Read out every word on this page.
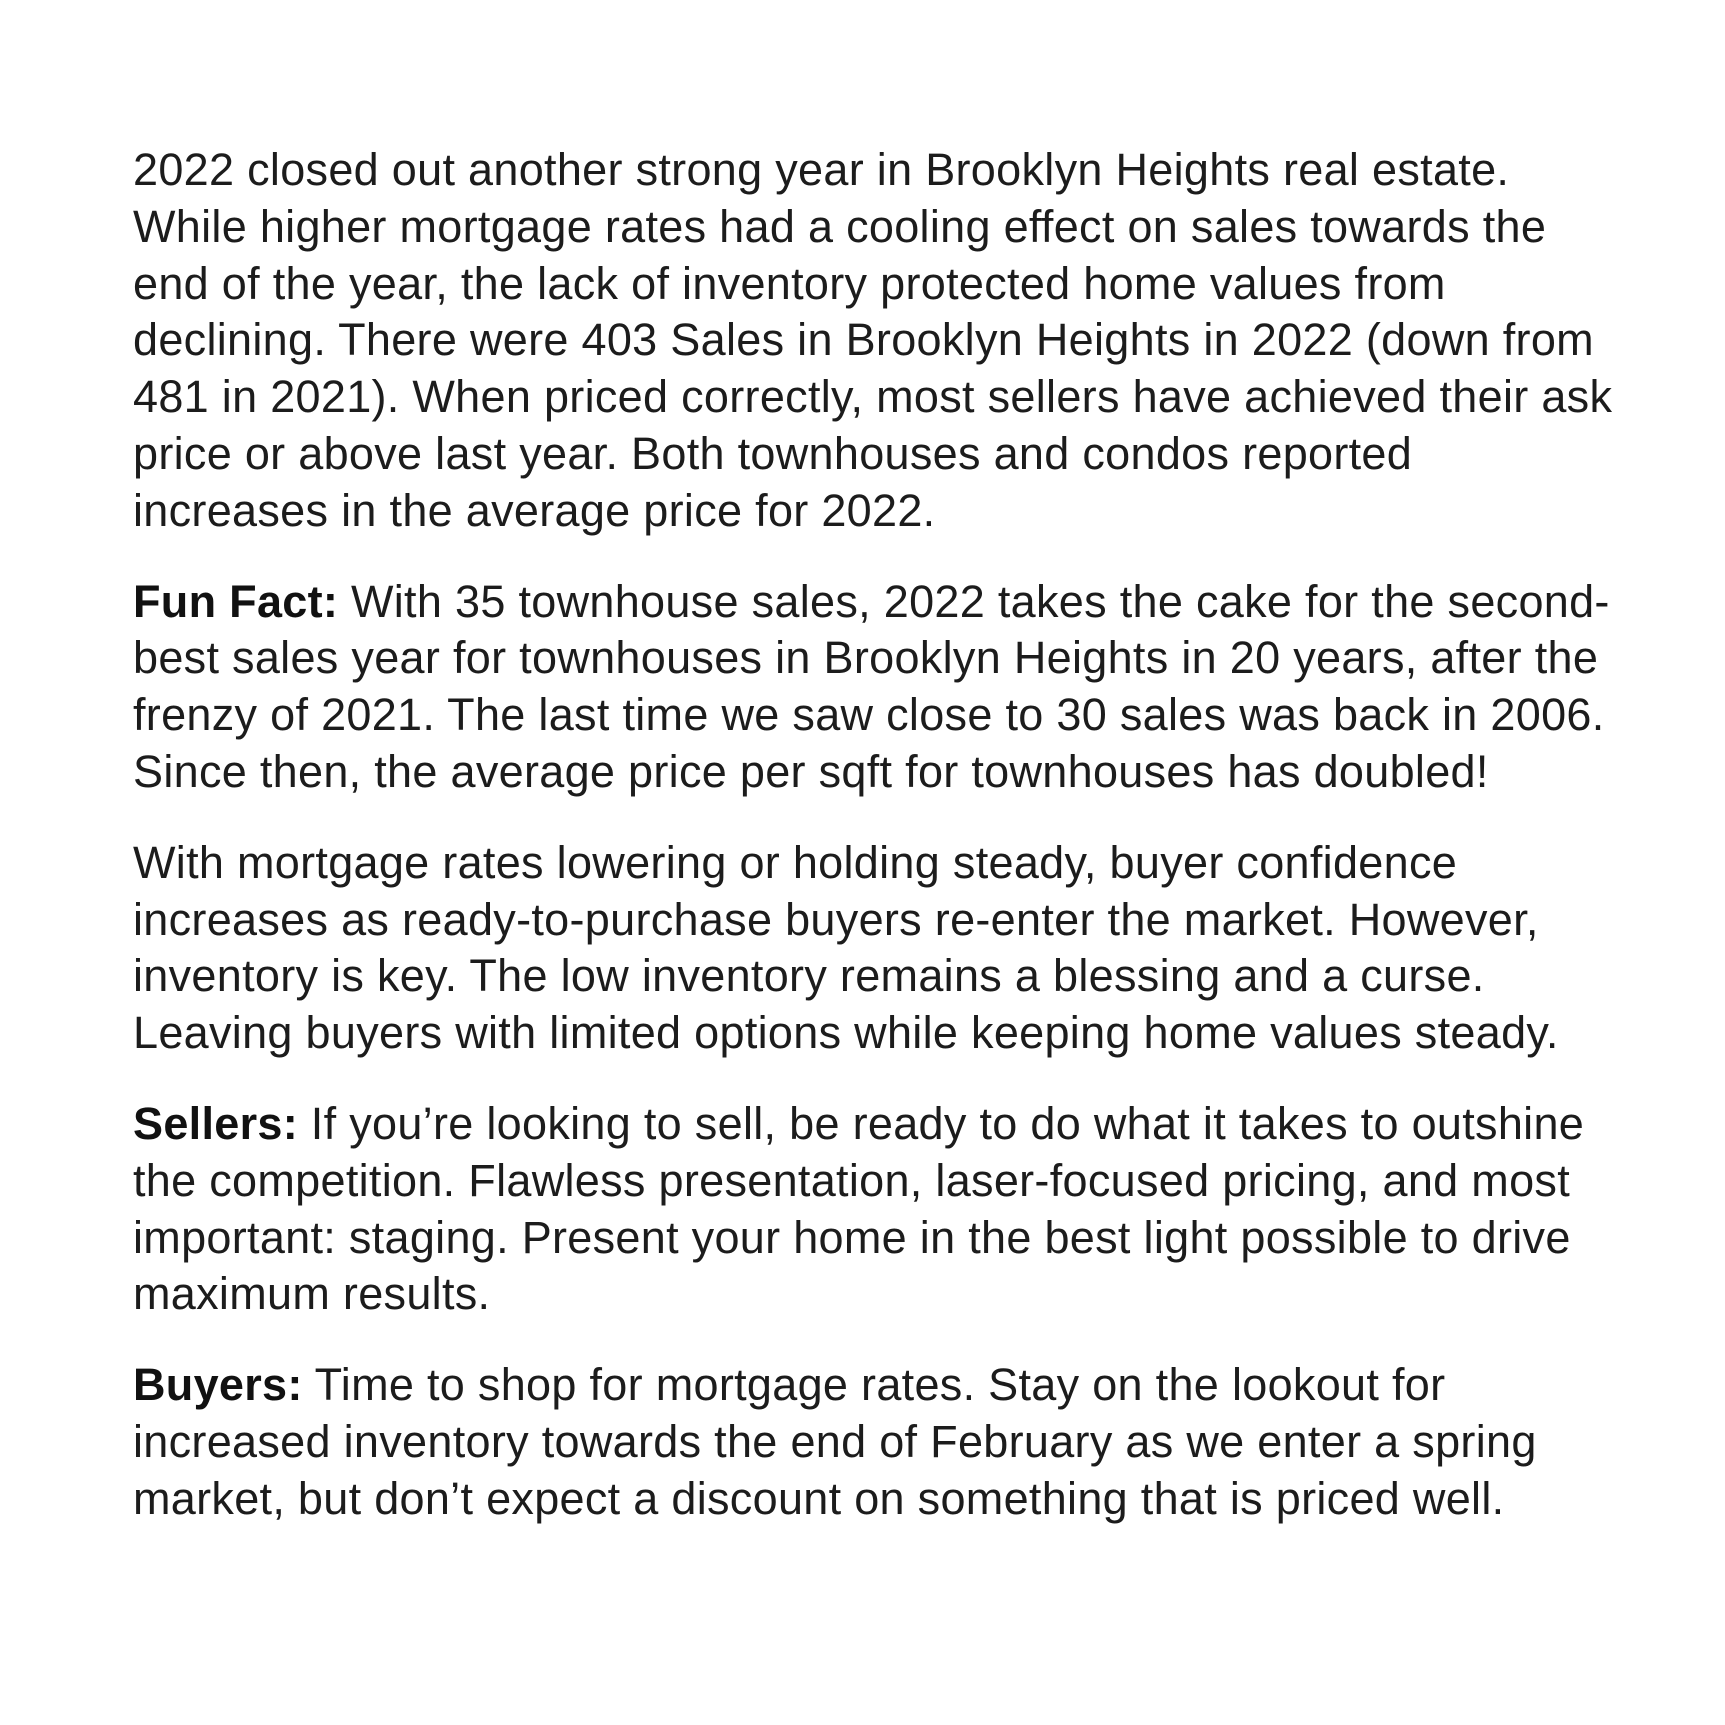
2022 closed out another strong year in Brooklyn Heights real estate. While higher mortgage rates had a cooling effect on sales towards the end of the year, the lack of inventory protected home values from declining. There were 403 Sales in Brooklyn Heights in 2022 (down from 481 in 2021). When priced correctly, most sellers have achieved their ask price or above last year. Both townhouses and condos reported increases in the average price for 2022.

Fun Fact: With 35 townhouse sales, 2022 takes the cake for the second-best sales year for townhouses in Brooklyn Heights in 20 years, after the frenzy of 2021. The last time we saw close to 30 sales was back in 2006. Since then, the average price per sqft for townhouses has doubled!

With mortgage rates lowering or holding steady, buyer confidence increases as ready-to-purchase buyers re-enter the market. However, inventory is key. The low inventory remains a blessing and a curse. Leaving buyers with limited options while keeping home values steady.

Sellers: If you’re looking to sell, be ready to do what it takes to outshine the competition. Flawless presentation, laser-focused pricing, and most important: staging. Present your home in the best light possible to drive maximum results.

Buyers: Time to shop for mortgage rates. Stay on the lookout for increased inventory towards the end of February as we enter a spring market, but don’t expect a discount on something that is priced well.
